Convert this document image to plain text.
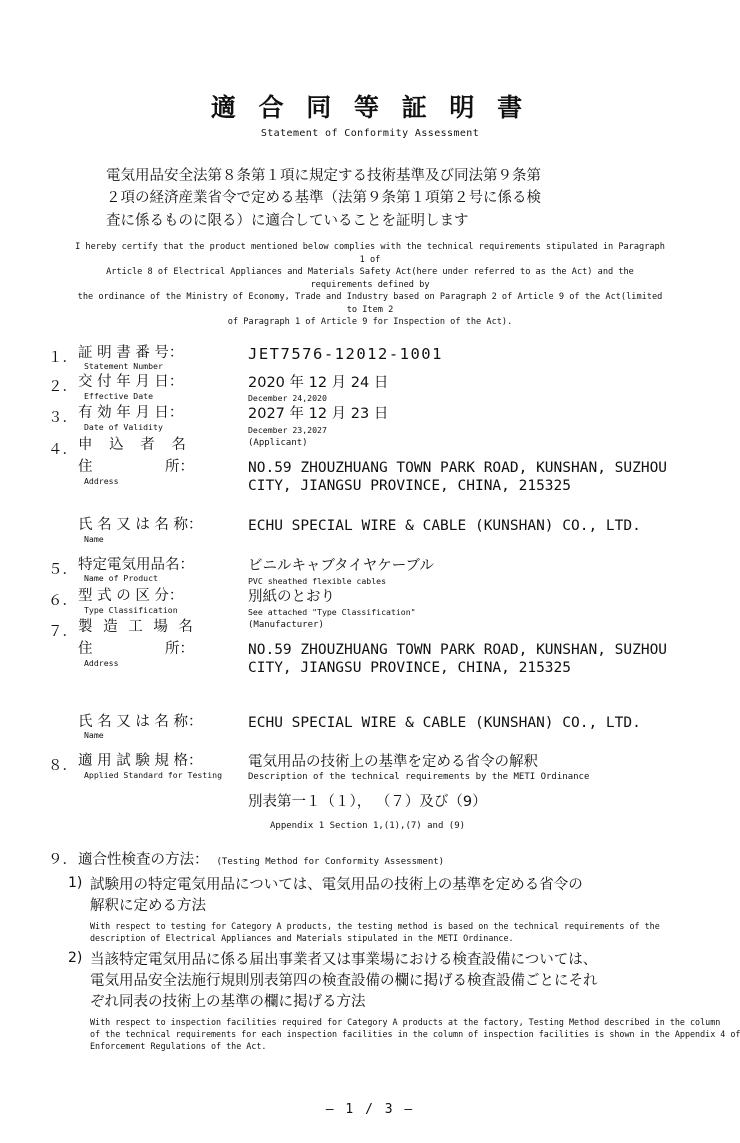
適 合 同 等 証 明 書
Statement of Conformity Assessment
電気用品安全法第８条第１項に規定する技術基準及び同法第９条第
２項の経済産業省令で定める基準（法第９条第１項第２号に係る検
査に係るものに限る）に適合していることを証明します
I hereby certify that the product mentioned below complies with the technical requirements stipulated in Paragraph 1 of
Article 8 of Electrical Appliances and Materials Safety Act(here under referred to as the Act) and the requirements defined by
the ordinance of the Ministry of Economy, Trade and Industry based on Paragraph 2 of Article 9 of the Act(limited to Item 2
of Paragraph 1 of Article 9 for Inspection of the Act).
１． 証 明 書 番 号：
Statement Number
JET7576-12012-1001
２． 交 付 年 月 日：
Effective Date
2020 年 12 月 24 日
December 24,2020
３． 有 効 年 月 日：
Date of Validity
2027 年 12 月 23 日
December 23,2027
４． 申 込 者 名	(Applicant)
住　　　　　所：
Address
NO.59 ZHOUZHUANG TOWN PARK ROAD, KUNSHAN, SUZHOU
CITY, JIANGSU PROVINCE, CHINA, 215325
氏 名 又 は 名 称：
Name
ECHU SPECIAL WIRE & CABLE (KUNSHAN) CO., LTD.
５． 特定電気用品名：
Name of Product
ビニルキャブタイヤケーブル
PVC sheathed flexible cables
６． 型 式 の 区 分：
Type Classification
別紙のとおり
See attached "Type Classification"
７． 製 造 工 場 名	(Manufacturer)
住　　　　　所：
Address
NO.59 ZHOUZHUANG TOWN PARK ROAD, KUNSHAN, SUZHOU
CITY, JIANGSU PROVINCE, CHINA, 215325
氏 名 又 は 名 称：
Name
ECHU SPECIAL WIRE & CABLE (KUNSHAN) CO., LTD.
８． 適 用 試 験 規 格：
Applied Standard for Testing
電気用品の技術上の基準を定める省令の解釈
Description of the technical requirements by the METI Ordinance
別表第一１（１）， （７）及び（9）
Appendix 1 Section 1,(1),(7) and (9)
９． 適合性検査の方法： (Testing Method for Conformity Assessment)
1) 試験用の特定電気用品については、電気用品の技術上の基準を定める省令の
解釈に定める方法
With respect to testing for Category A products, the testing method is based on the technical requirements of the
description of Electrical Appliances and Materials stipulated in the METI Ordinance.
2) 当該特定電気用品に係る届出事業者又は事業場における検査設備については、
電気用品安全法施行規則別表第四の検査設備の欄に掲げる検査設備ごとにそれ
ぞれ同表の技術上の基準の欄に掲げる方法
With respect to inspection facilities required for Category A products at the factory, Testing Method described in the column
of the technical requirements for each inspection facilities in the column of inspection facilities is shown in the Appendix 4 of
Enforcement Regulations of the Act.
— 1 / 3 —
